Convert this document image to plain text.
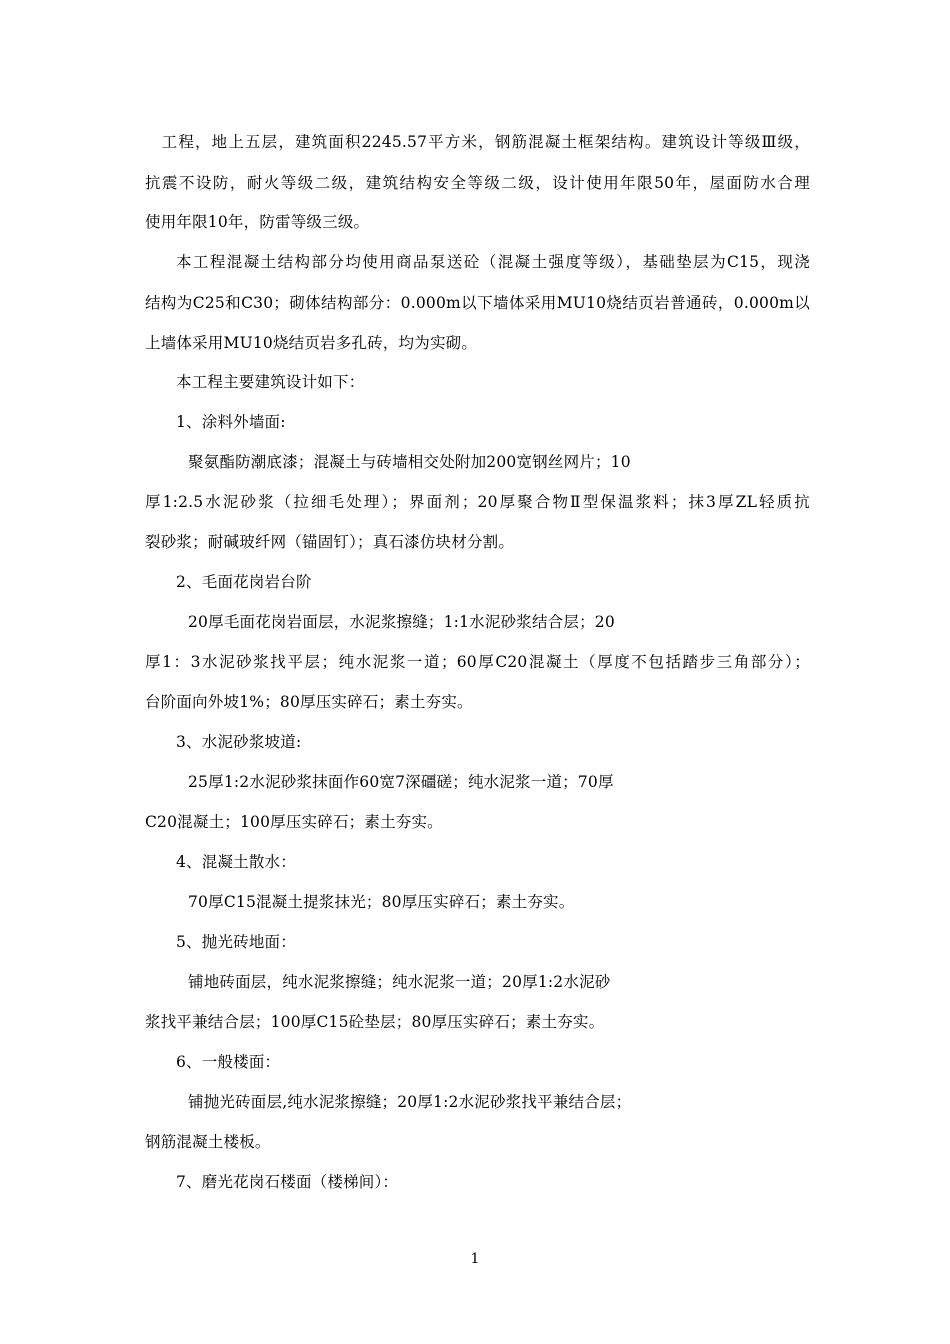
　工程，地上五层，建筑面积2245.57平方米，钢筋混凝土框架结构。建筑设计等级Ⅲ级，
抗震不设防，耐火等级二级，建筑结构安全等级二级，设计使用年限50年，屋面防水合理
使用年限10年，防雷等级三级。
本工程混凝土结构部分均使用商品泵送砼（混凝土强度等级），基础垫层为C15，现浇
结构为C25和C30；砌体结构部分：0.000m以下墙体采用MU10烧结页岩普通砖，0.000m以
上墙体采用MU10烧结页岩多孔砖，均为实砌。
本工程主要建筑设计如下：
1、涂料外墙面:
聚氨酯防潮底漆；混凝土与砖墙相交处附加200宽钢丝网片；10
厚1:2.5水泥砂浆（拉细毛处理）；界面剂；20厚聚合物Ⅱ型保温浆料；抹3厚ZL轻质抗
裂砂浆；耐碱玻纤网（锚固钉）；真石漆仿块材分割。
2、毛面花岗岩台阶
20厚毛面花岗岩面层，水泥浆擦缝；1:1水泥砂浆结合层；20
厚1：3水泥砂浆找平层；纯水泥浆一道；60厚C20混凝土（厚度不包括踏步三角部分）；
台阶面向外坡1%；80厚压实碎石；素土夯实。
3、水泥砂浆坡道:
25厚1:2水泥砂浆抹面作60宽7深礓磋；纯水泥浆一道；70厚
C20混凝土；100厚压实碎石；素土夯实。
4、混凝土散水：
70厚C15混凝土提浆抹光；80厚压实碎石；素土夯实。
5、抛光砖地面：
铺地砖面层，纯水泥浆擦缝；纯水泥浆一道；20厚1:2水泥砂
浆找平兼结合层；100厚C15砼垫层；80厚压实碎石；素土夯实。
6、一般楼面：
铺抛光砖面层,纯水泥浆擦缝；20厚1:2水泥砂浆找平兼结合层；
钢筋混凝土楼板。
7、磨光花岗石楼面（楼梯间）：
1
